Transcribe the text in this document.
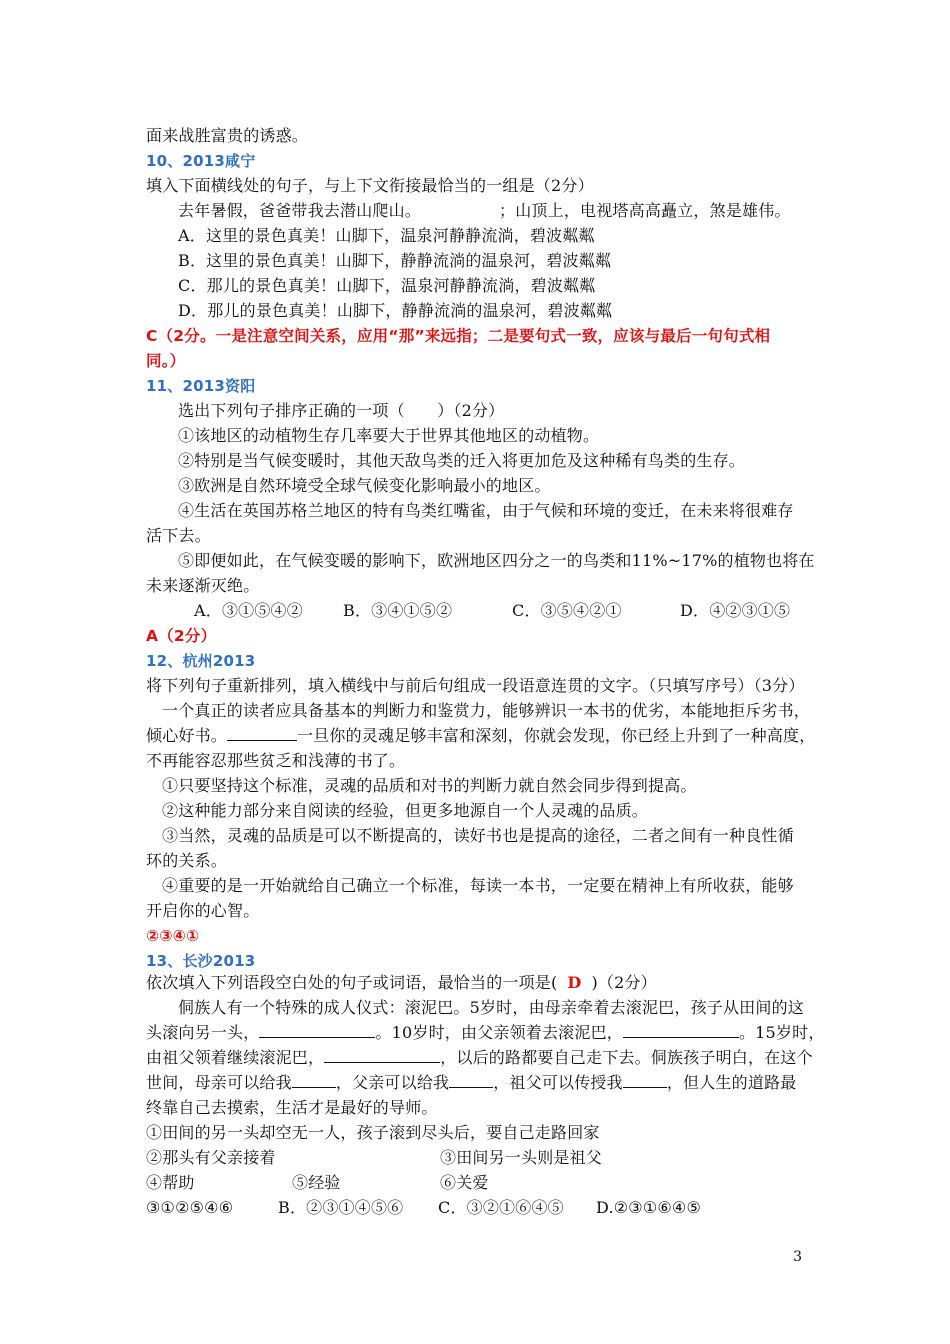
面来战胜富贵的诱惑。
10、2013咸宁
填入下面横线处的句子，与上下文衔接最恰当的一组是（2分）
去年暑假，爸爸带我去潜山爬山。	；山顶上，电视塔高高矗立，煞是雄伟。
A．这里的景色真美！山脚下，温泉河静静流淌，碧波粼粼
B．这里的景色真美！山脚下，静静流淌的温泉河，碧波粼粼
C．那儿的景色真美！山脚下，温泉河静静流淌，碧波粼粼
D．那儿的景色真美！山脚下，静静流淌的温泉河，碧波粼粼
C（2分。一是注意空间关系，应用“那”来远指；二是要句式一致，应该与最后一句句式相
同。）
11、2013资阳
选出下列句子排序正确的一项（　　）（2分）
①该地区的动植物生存几率要大于世界其他地区的动植物。
②特别是当气候变暖时，其他天敌鸟类的迁入将更加危及这种稀有鸟类的生存。
③欧洲是自然环境受全球气候变化影响最小的地区。
④生活在英国苏格兰地区的特有鸟类红嘴雀，由于气候和环境的变迁，在未来将很难存
活下去。
⑤即便如此，在气候变暖的影响下，欧洲地区四分之一的鸟类和11%~17%的植物也将在
未来逐渐灭绝。
A．③①⑤④②	B．③④①⑤②	C．③⑤④②①	D．④②③①⑤
A（2分）
12、杭州2013
将下列句子重新排列，填入横线中与前后句组成一段语意连贯的文字。（只填写序号）（3分）
一个真正的读者应具备基本的判断力和鉴赏力，能够辨识一本书的优劣，本能地拒斥劣书，
倾心好书。	一旦你的灵魂足够丰富和深刻，你就会发现，你已经上升到了一种高度，
不再能容忍那些贫乏和浅薄的书了。
①只要坚持这个标准，灵魂的品质和对书的判断力就自然会同步得到提高。
②这种能力部分来自阅读的经验，但更多地源自一个人灵魂的品质。
③当然，灵魂的品质是可以不断提高的，读好书也是提高的途径，二者之间有一种良性循
环的关系。
④重要的是一开始就给自己确立一个标准，每读一本书，一定要在精神上有所收获，能够
开启你的心智。
②③④①
13、长沙2013
依次填入下列语段空白处的句子或词语，最恰当的一项是( D )（2分）
侗族人有一个特殊的成人仪式：滚泥巴。5岁时，由母亲牵着去滚泥巴，孩子从田间的这
头滚向另一头，	。10岁时，由父亲领着去滚泥巴，	。15岁时，
由祖父领着继续滚泥巴，	，以后的路都要自己走下去。侗族孩子明白，在这个
世间，母亲可以给我	，父亲可以给我	，祖父可以传授我	，但人生的道路最
终靠自己去摸索，生活才是最好的导师。
①田间的另一头却空无一人，孩子滚到尽头后，要自己走路回家
②那头有父亲接着	③田间另一头则是祖父
④帮助	⑤经验	⑥关爱
③①②⑤④⑥	B．②③①④⑤⑥ C．③②①⑥④⑤ D.②③①⑥④⑤
3
